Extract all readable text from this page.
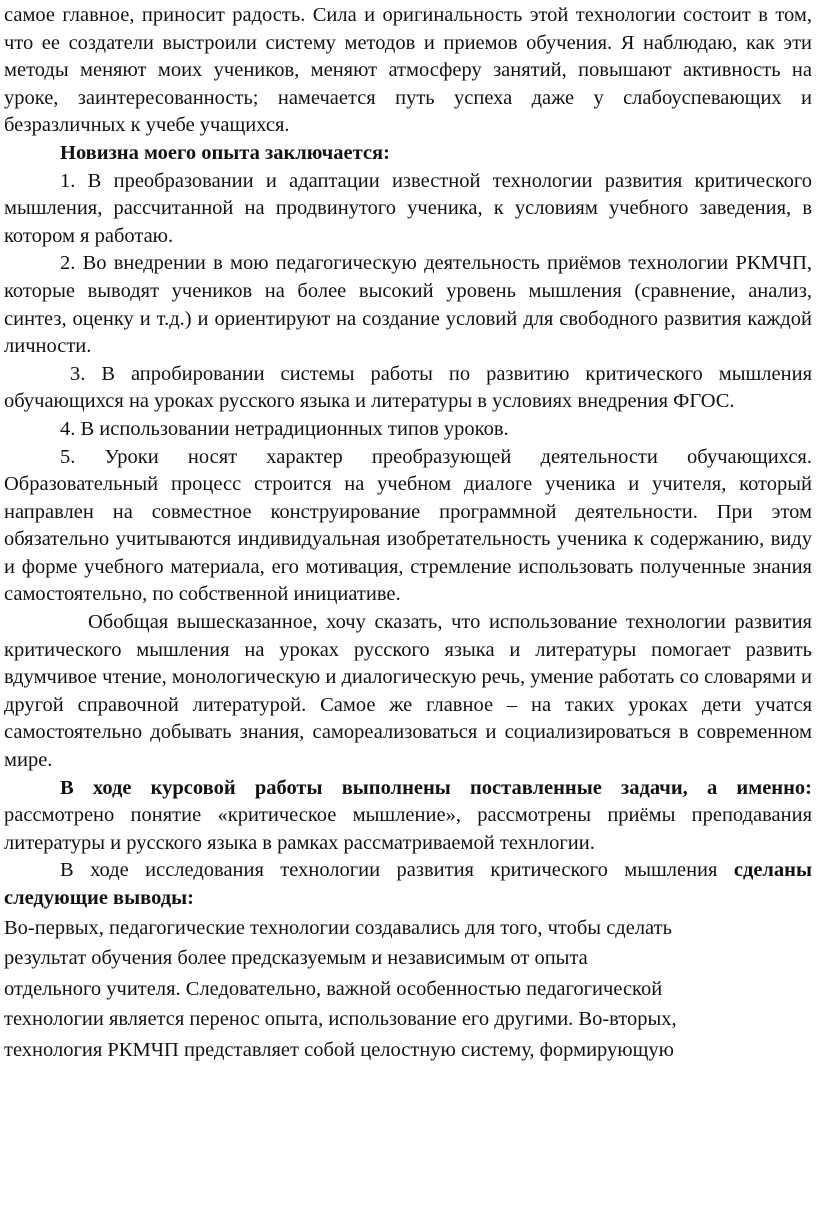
самое главное, приносит радость. Сила и оригинальность этой технологии состоит в том, что ее создатели выстроили систему методов и приемов обучения. Я наблюдаю, как эти методы меняют моих учеников, меняют атмосферу занятий, повышают активность на уроке, заинтересованность; намечается путь успеха даже у слабоуспевающих и безразличных к учебе учащихся.

Новизна моего опыта заключается:

1. В преобразовании и адаптации известной технологии развития критического мышления, рассчитанной на продвинутого ученика, к условиям учебного заведения, в котором я работаю.

2. Во внедрении в мою педагогическую деятельность приёмов технологии РКМЧП, которые выводят учеников на более высокий уровень мышления (сравнение, анализ, синтез, оценку и т.д.) и ориентируют на создание условий для свободного развития каждой личности.

3. В апробировании системы работы по развитию критического мышления обучающихся на уроках русского языка и литературы в условиях внедрения ФГОС.

4. В использовании нетрадиционных типов уроков.

5. Уроки носят характер преобразующей деятельности обучающихся. Образовательный процесс строится на учебном диалоге ученика и учителя, который направлен на совместное конструирование программной деятельности. При этом обязательно учитываются индивидуальная изобретательность ученика к содержанию, виду и форме учебного материала, его мотивация, стремление использовать полученные знания самостоятельно, по собственной инициативе.

Обобщая вышесказанное, хочу сказать, что использование технологии развития критического мышления на уроках русского языка и литературы помогает развить вдумчивое чтение, монологическую и диалогическую речь, умение работать со словарями и другой справочной литературой. Самое же главное – на таких уроках дети учатся самостоятельно добывать знания, самореализоваться и социализироваться в современном мире.

В ходе курсовой работы выполнены поставленные задачи, а именно: рассмотрено понятие «критическое мышление», рассмотрены приёмы преподавания литературы и русского языка в рамках рассматриваемой технлогии.

В ходе исследования технологии развития критического мышления сделаны следующие выводы:

Во-первых, педагогические технологии создавались для того, чтобы сделать

результат обучения более предсказуемым и независимым от опыта

отдельного учителя. Следовательно, важной особенностью педагогической

технологии является перенос опыта, использование его другими. Во-вторых,

технология РКМЧП представляет собой целостную систему, формирующую
